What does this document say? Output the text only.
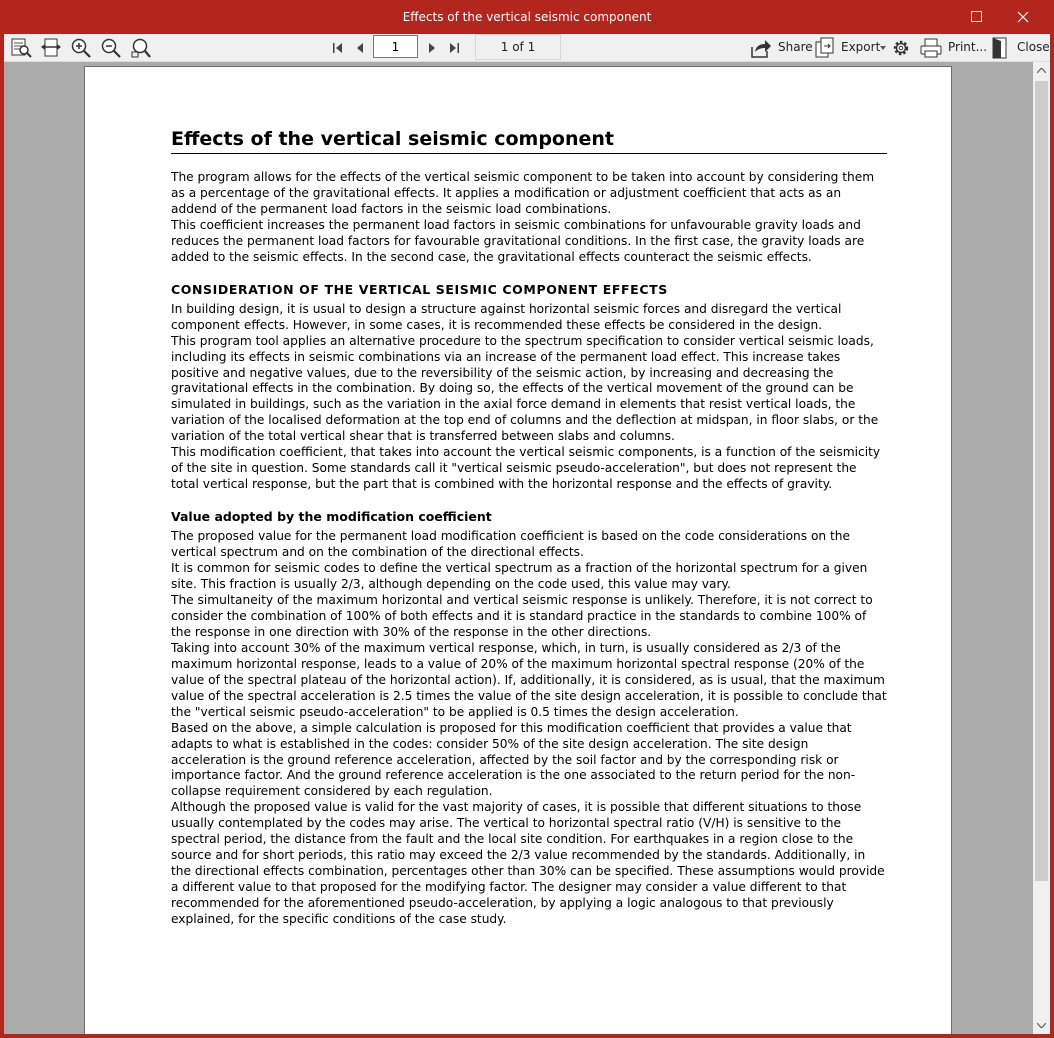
Effects of the vertical seismic component
1
1 of 1	Share Export	Print... Close
Effects of the vertical seismic component

The program allows for the effects of the vertical seismic component to be taken into account by considering them as a percentage of the gravitational effects. It applies a modification or adjustment coefficient that acts as an addend of the permanent load factors in the seismic load combinations.

This coefficient increases the permanent load factors in seismic combinations for unfavourable gravity loads and reduces the permanent load factors for favourable gravitational conditions. In the first case, the gravity loads are added to the seismic effects. In the second case, the gravitational effects counteract the seismic effects.

CONSIDERATION OF THE VERTICAL SEISMIC COMPONENT EFFECTS

In building design, it is usual to design a structure against horizontal seismic forces and disregard the vertical component effects. However, in some cases, it is recommended these effects be considered in the design.

This program tool applies an alternative procedure to the spectrum specification to consider vertical seismic loads, including its effects in seismic combinations via an increase of the permanent load effect. This increase takes positive and negative values, due to the reversibility of the seismic action, by increasing and decreasing the gravitational effects in the combination. By doing so, the effects of the vertical movement of the ground can be simulated in buildings, such as the variation in the axial force demand in elements that resist vertical loads, the variation of the localised deformation at the top end of columns and the deflection at midspan, in floor slabs, or the variation of the total vertical shear that is transferred between slabs and columns.

This modification coefficient, that takes into account the vertical seismic components, is a function of the seismicity of the site in question. Some standards call it "vertical seismic pseudo-acceleration", but does not represent the total vertical response, but the part that is combined with the horizontal response and the effects of gravity.

Value adopted by the modification coefficient

The proposed value for the permanent load modification coefficient is based on the code considerations on the vertical spectrum and on the combination of the directional effects.

It is common for seismic codes to define the vertical spectrum as a fraction of the horizontal spectrum for a given site. This fraction is usually 2/3, although depending on the code used, this value may vary.

The simultaneity of the maximum horizontal and vertical seismic response is unlikely. Therefore, it is not correct to consider the combination of 100% of both effects and it is standard practice in the standards to combine 100% of the response in one direction with 30% of the response in the other directions.

Taking into account 30% of the maximum vertical response, which, in turn, is usually considered as 2/3 of the maximum horizontal response, leads to a value of 20% of the maximum horizontal spectral response (20% of the value of the spectral plateau of the horizontal action). If, additionally, it is considered, as is usual, that the maximum value of the spectral acceleration is 2.5 times the value of the site design acceleration, it is possible to conclude that the "vertical seismic pseudo-acceleration" to be applied is 0.5 times the design acceleration.

Based on the above, a simple calculation is proposed for this modification coefficient that provides a value that adapts to what is established in the codes: consider 50% of the site design acceleration. The site design acceleration is the ground reference acceleration, affected by the soil factor and by the corresponding risk or importance factor. And the ground reference acceleration is the one associated to the return period for the non-collapse requirement considered by each regulation.

Although the proposed value is valid for the vast majority of cases, it is possible that different situations to those usually contemplated by the codes may arise. The vertical to horizontal spectral ratio (V/H) is sensitive to the spectral period, the distance from the fault and the local site condition. For earthquakes in a region close to the source and for short periods, this ratio may exceed the 2/3 value recommended by the standards. Additionally, in the directional effects combination, percentages other than 30% can be specified. These assumptions would provide a different value to that proposed for the modifying factor. The designer may consider a value different to that recommended for the aforementioned pseudo-acceleration, by applying a logic analogous to that previously explained, for the specific conditions of the case study.
